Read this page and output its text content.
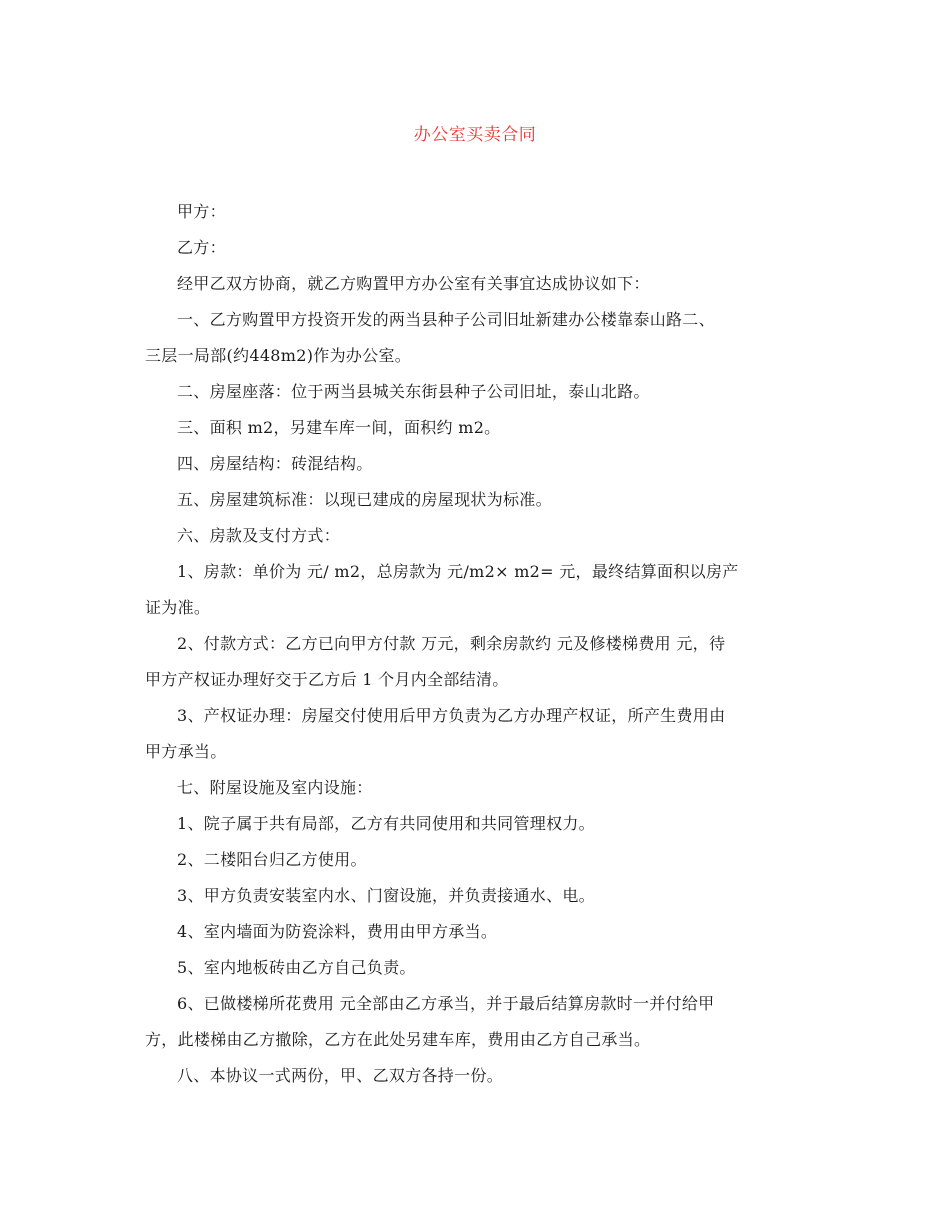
办公室买卖合同

甲方：

乙方：

经甲乙双方协商，就乙方购置甲方办公室有关事宜达成协议如下：

一、乙方购置甲方投资开发的两当县种子公司旧址新建办公楼靠泰山路二、
三层一局部(约448m2)作为办公室。

二、房屋座落：位于两当县城关东街县种子公司旧址，泰山北路。

三、面积 m2，另建车库一间，面积约 m2。

四、房屋结构：砖混结构。

五、房屋建筑标准：以现已建成的房屋现状为标准。

六、房款及支付方式：

1、房款：单价为 元/ m2，总房款为 元/m2× m2= 元，最终结算面积以房产
证为准。

2、付款方式：乙方已向甲方付款 万元，剩余房款约 元及修楼梯费用 元，待
甲方产权证办理好交于乙方后 1 个月内全部结清。

3、产权证办理：房屋交付使用后甲方负责为乙方办理产权证，所产生费用由
甲方承当。

七、附屋设施及室内设施：

1、院子属于共有局部，乙方有共同使用和共同管理权力。

2、二楼阳台归乙方使用。

3、甲方负责安装室内水、门窗设施，并负责接通水、电。

4、室内墙面为防瓷涂料，费用由甲方承当。

5、室内地板砖由乙方自己负责。

6、已做楼梯所花费用 元全部由乙方承当，并于最后结算房款时一并付给甲
方，此楼梯由乙方撤除，乙方在此处另建车库，费用由乙方自己承当。

八、本协议一式两份，甲、乙双方各持一份。
